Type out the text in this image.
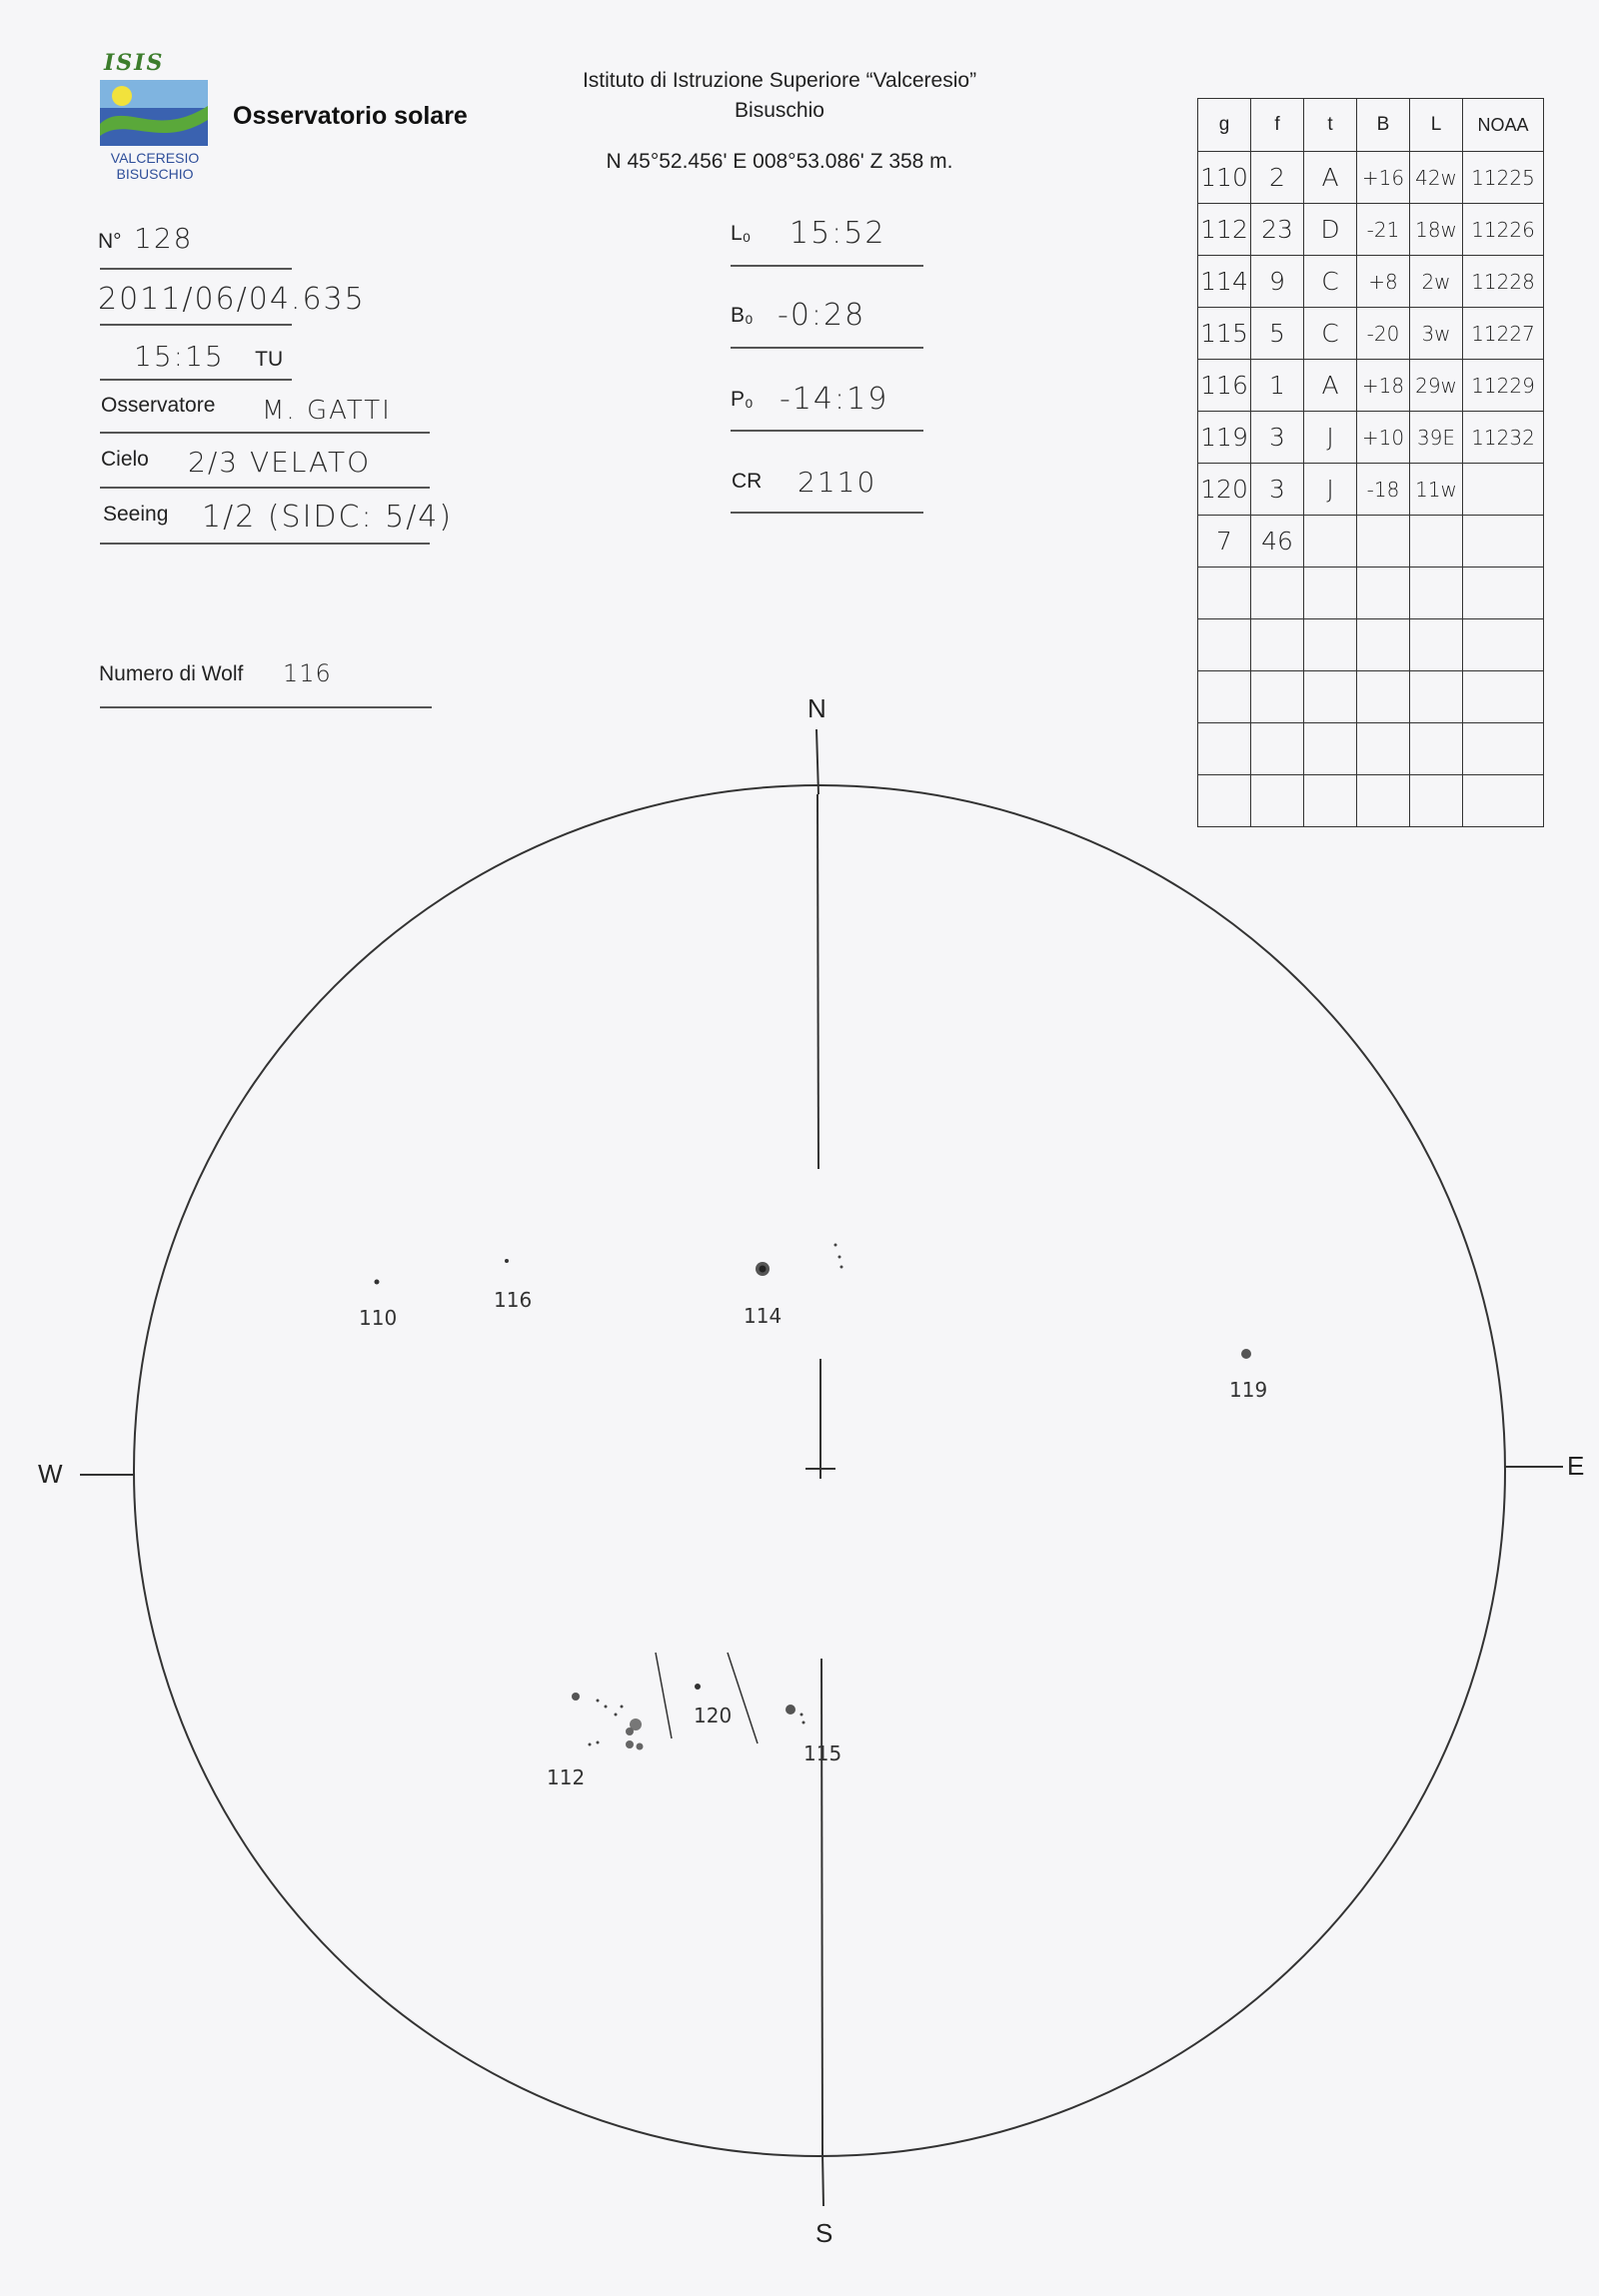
ISIS
VALCERESIO
BISUSCHIO
Osservatorio solare
Istituto di Istruzione Superiore “Valceresio”
Bisuschio
N 45°52.456' E 008°53.086' Z 358 m.
N° 128
2011/06/04.635
15:15 TU
Osservatore M. GATTI
Cielo 2/3 VELATO
Seeing 1/2 (SIDC: 5/4)
Numero di Wolf 116
L₀ 15:52
B₀ -0:28
P₀ -14:19
CR 2110
g	f	t	B	L	NOAA
110	2	A	+16	42w	11225
112	23	D	-21	18w	11226
114	9	C	+8	2w	11228
115	5	C	-20	3w	11227
116	1	A	+18	29w	11229
119	3	J	+10	39E	11232
120	3	J	-18	11w	
7	46				

N
S
W	E
110
116
114
119
112
120
115
